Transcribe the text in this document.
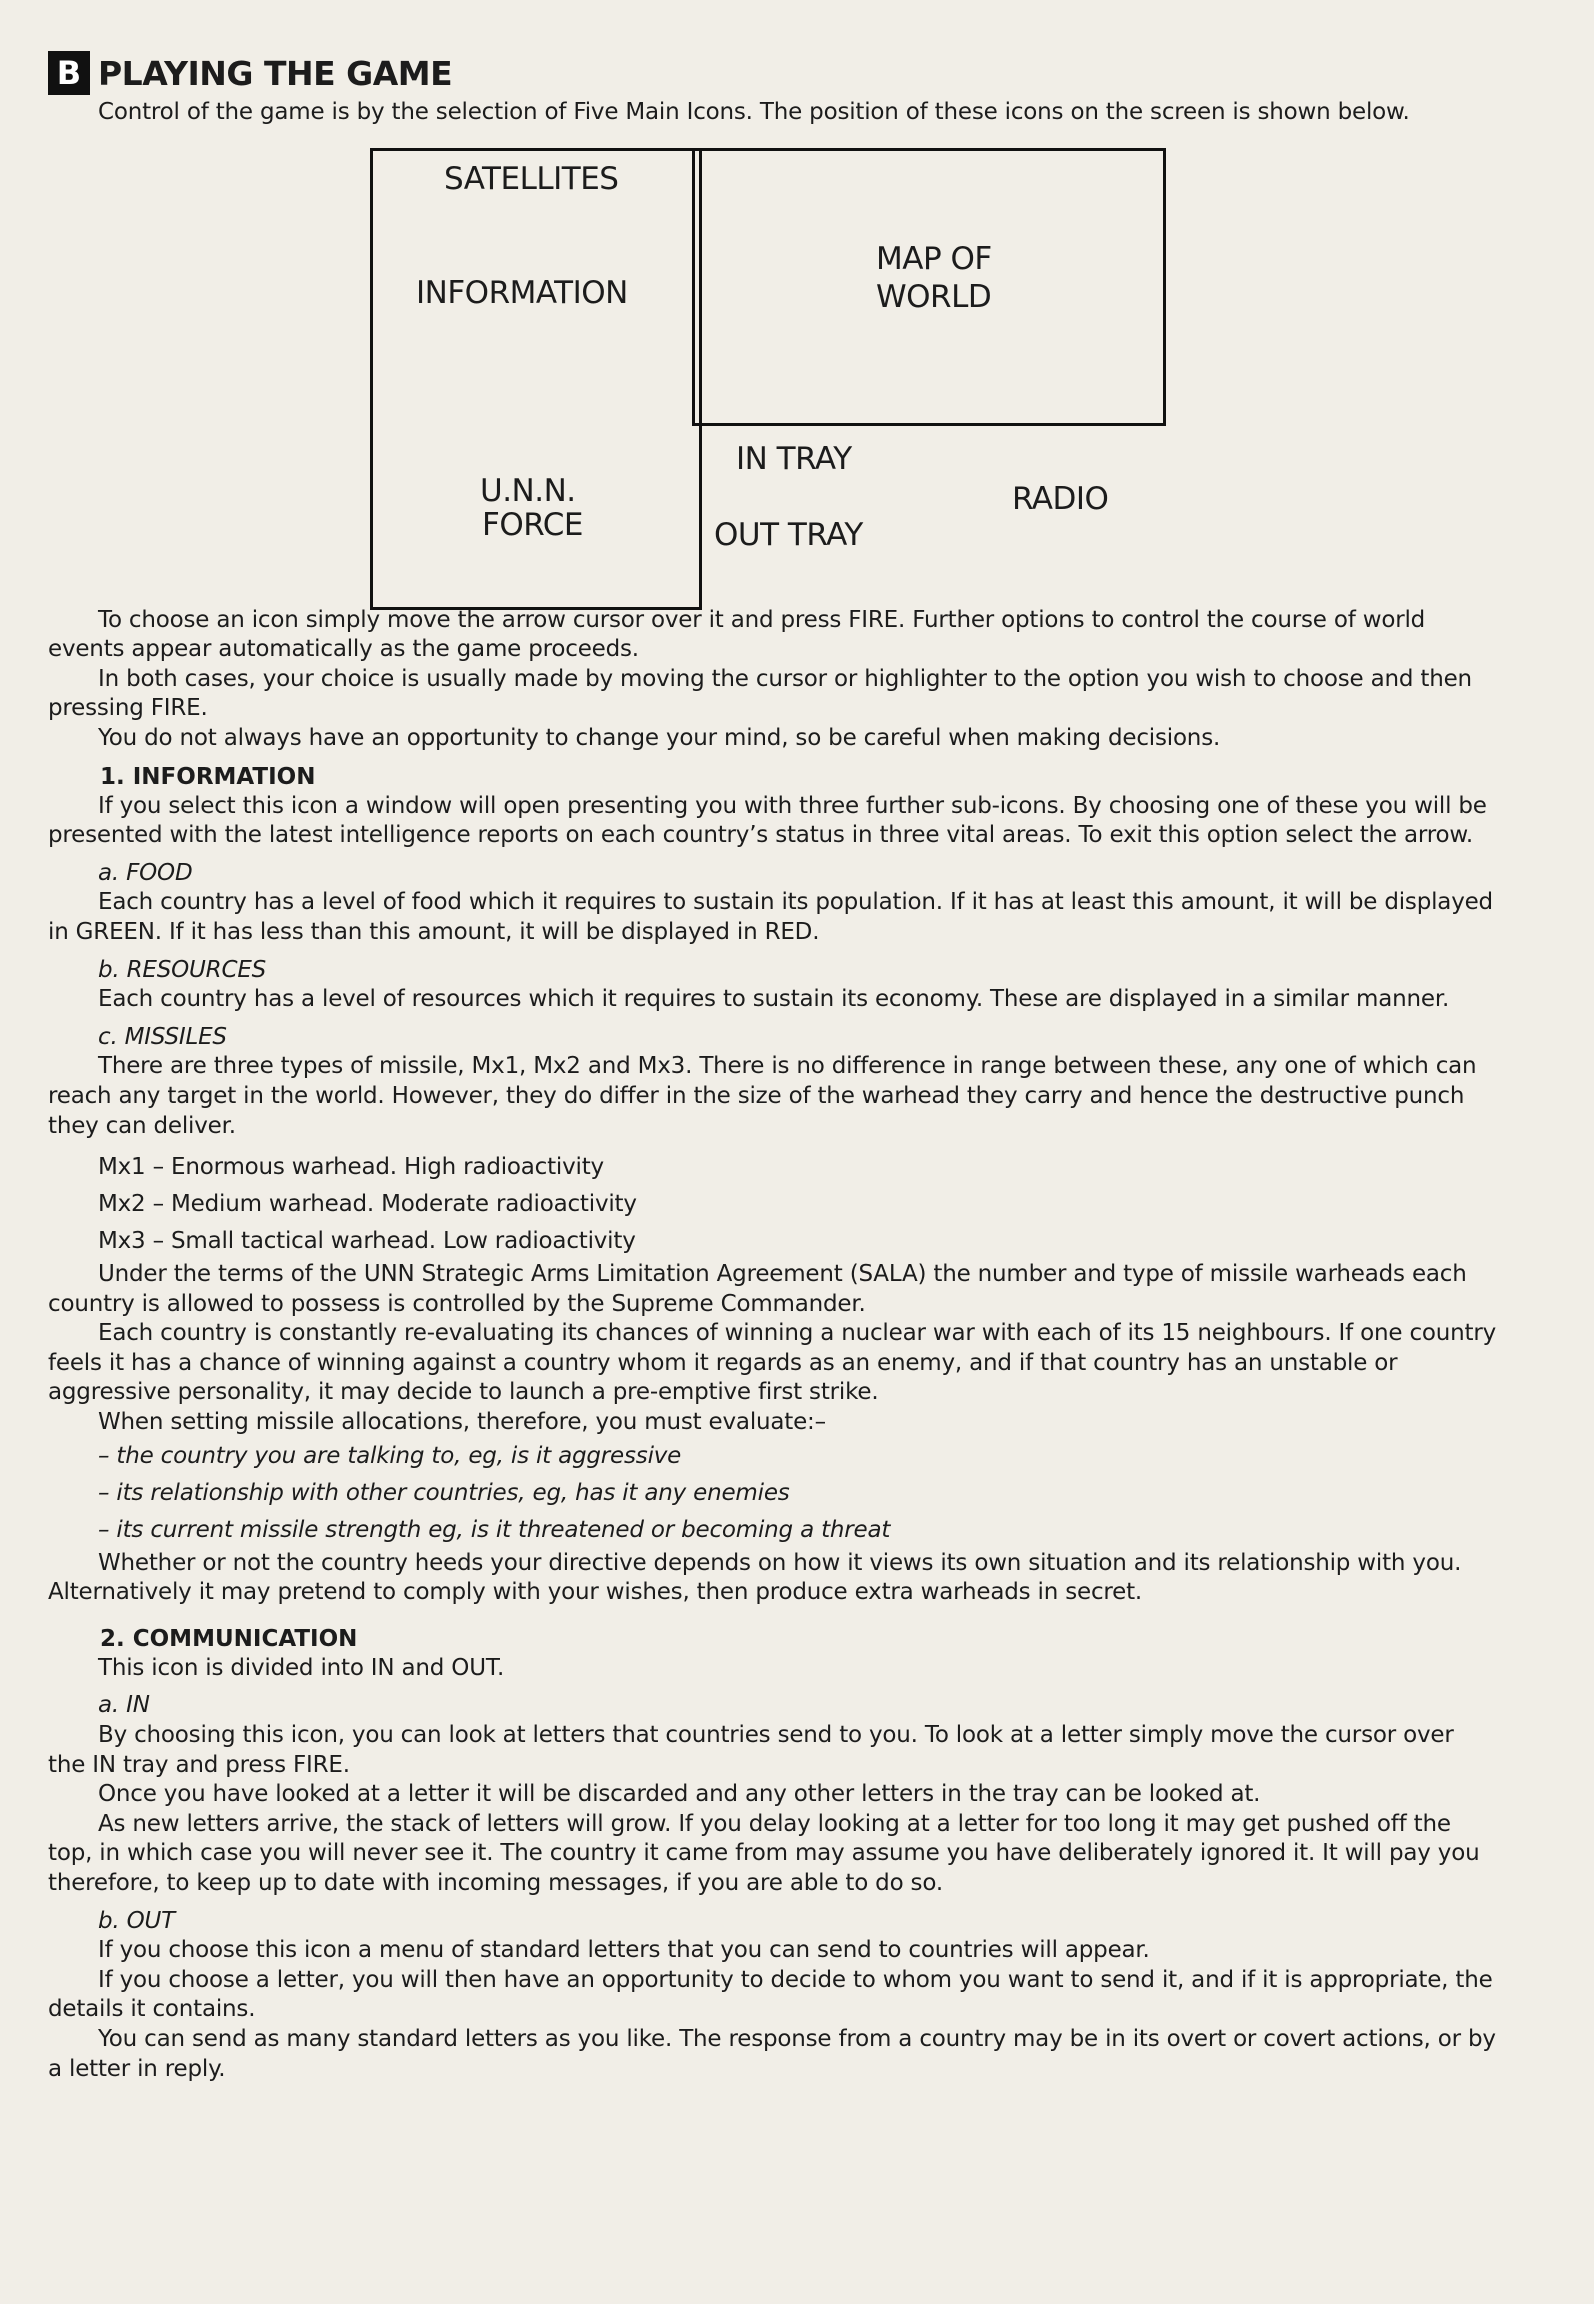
B PLAYING THE GAME

Control of the game is by the selection of Five Main Icons. The position of these icons on the screen is shown below.

SATELLITES
INFORMATION
MAP OF
WORLD
IN TRAY
U.N.N.
FORCE
RADIO
OUT TRAY

To choose an icon simply move the arrow cursor over it and press FIRE. Further options to control the course of world events appear automatically as the game proceeds.

In both cases, your choice is usually made by moving the cursor or highlighter to the option you wish to choose and then pressing FIRE.

You do not always have an opportunity to change your mind, so be careful when making decisions.

1. INFORMATION

If you select this icon a window will open presenting you with three further sub-icons. By choosing one of these you will be presented with the latest intelligence reports on each country’s status in three vital areas. To exit this option select the arrow.

a. FOOD

Each country has a level of food which it requires to sustain its population. If it has at least this amount, it will be displayed in GREEN. If it has less than this amount, it will be displayed in RED.

b. RESOURCES

Each country has a level of resources which it requires to sustain its economy. These are displayed in a similar manner.

c. MISSILES

There are three types of missile, Mx1, Mx2 and Mx3. There is no difference in range between these, any one of which can reach any target in the world. However, they do differ in the size of the warhead they carry and hence the destructive punch they can deliver.

Mx1 – Enormous warhead. High radioactivity

Mx2 – Medium warhead. Moderate radioactivity

Mx3 – Small tactical warhead. Low radioactivity

Under the terms of the UNN Strategic Arms Limitation Agreement (SALA) the number and type of missile warheads each country is allowed to possess is controlled by the Supreme Commander.

Each country is constantly re-evaluating its chances of winning a nuclear war with each of its 15 neighbours. If one country feels it has a chance of winning against a country whom it regards as an enemy, and if that country has an unstable or aggressive personality, it may decide to launch a pre-emptive first strike.

When setting missile allocations, therefore, you must evaluate:–

– the country you are talking to, eg, is it aggressive

– its relationship with other countries, eg, has it any enemies

– its current missile strength eg, is it threatened or becoming a threat

Whether or not the country heeds your directive depends on how it views its own situation and its relationship with you. Alternatively it may pretend to comply with your wishes, then produce extra warheads in secret.

2. COMMUNICATION

This icon is divided into IN and OUT.

a. IN

By choosing this icon, you can look at letters that countries send to you. To look at a letter simply move the cursor over the IN tray and press FIRE.

Once you have looked at a letter it will be discarded and any other letters in the tray can be looked at.

As new letters arrive, the stack of letters will grow. If you delay looking at a letter for too long it may get pushed off the top, in which case you will never see it. The country it came from may assume you have deliberately ignored it. It will pay you therefore, to keep up to date with incoming messages, if you are able to do so.

b. OUT

If you choose this icon a menu of standard letters that you can send to countries will appear.

If you choose a letter, you will then have an opportunity to decide to whom you want to send it, and if it is appropriate, the details it contains.

You can send as many standard letters as you like. The response from a country may be in its overt or covert actions, or by a letter in reply.
